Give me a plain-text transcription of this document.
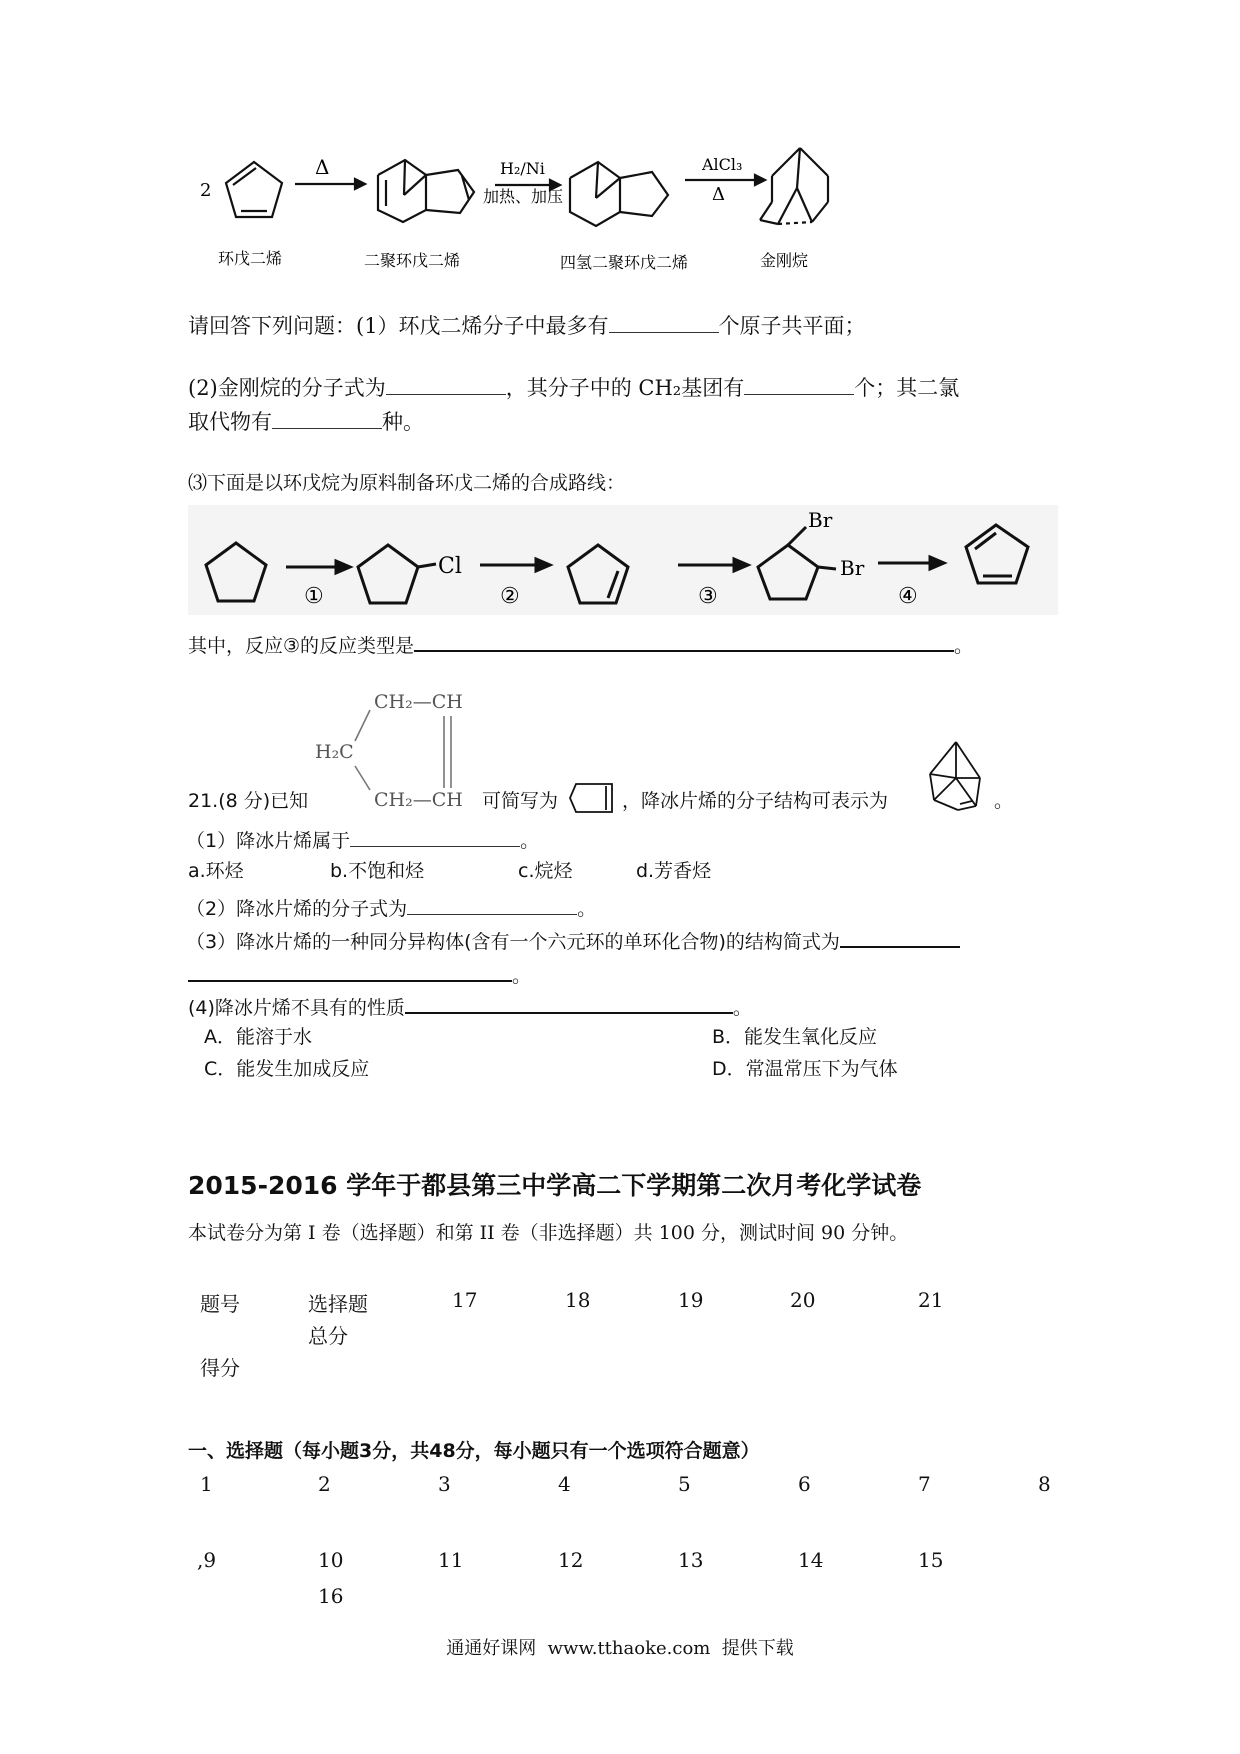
2
Δ	H₂/Ni
加热、加压
AlCl₃
Δ
环戊二烯	二聚环戊二烯	四氢二聚环戊二烯	金刚烷
请回答下列问题：(1）环戊二烯分子中最多有	个原子共平面；
(2)金刚烷的分子式为	，其分子中的 CH₂基团有	个；其二氯
取代物有	种。
⑶下面是以环戊烷为原料制备环戊二烯的合成路线：
Cl
Br
Br
①	②	③	④
其中，反应③的反应类型是	。
CH₂—CH
H₂C
CH₂—CH
21.(8 分)已知	可简写为	，降冰片烯的分子结构可表示为	。
（1）降冰片烯属于	。
a.环烃	b.不饱和烃	c.烷烃	d.芳香烃
（2）降冰片烯的分子式为	。
（3）降冰片烯的一种同分异构体(含有一个六元环的单环化合物)的结构简式为
。
(4)降冰片烯不具有的性质	。
A．能溶于水	B．能发生氧化反应
C．能发生加成反应	D．常温常压下为气体
2015-2016 学年于都县第三中学高二下学期第二次月考化学试卷
本试卷分为第 I 卷（选择题）和第 II 卷（非选择题）共 100 分，测试时间 90 分钟。
题号	选择题
总分
17	18	19	20	21
得分
一、选择题（每小题3分，共48分，每小题只有一个选项符合题意）
1	2	3	4	5	6	7	8
,9	10	11	12	13	14	15
16
通通好课网  www.tthaoke.com  提供下载
